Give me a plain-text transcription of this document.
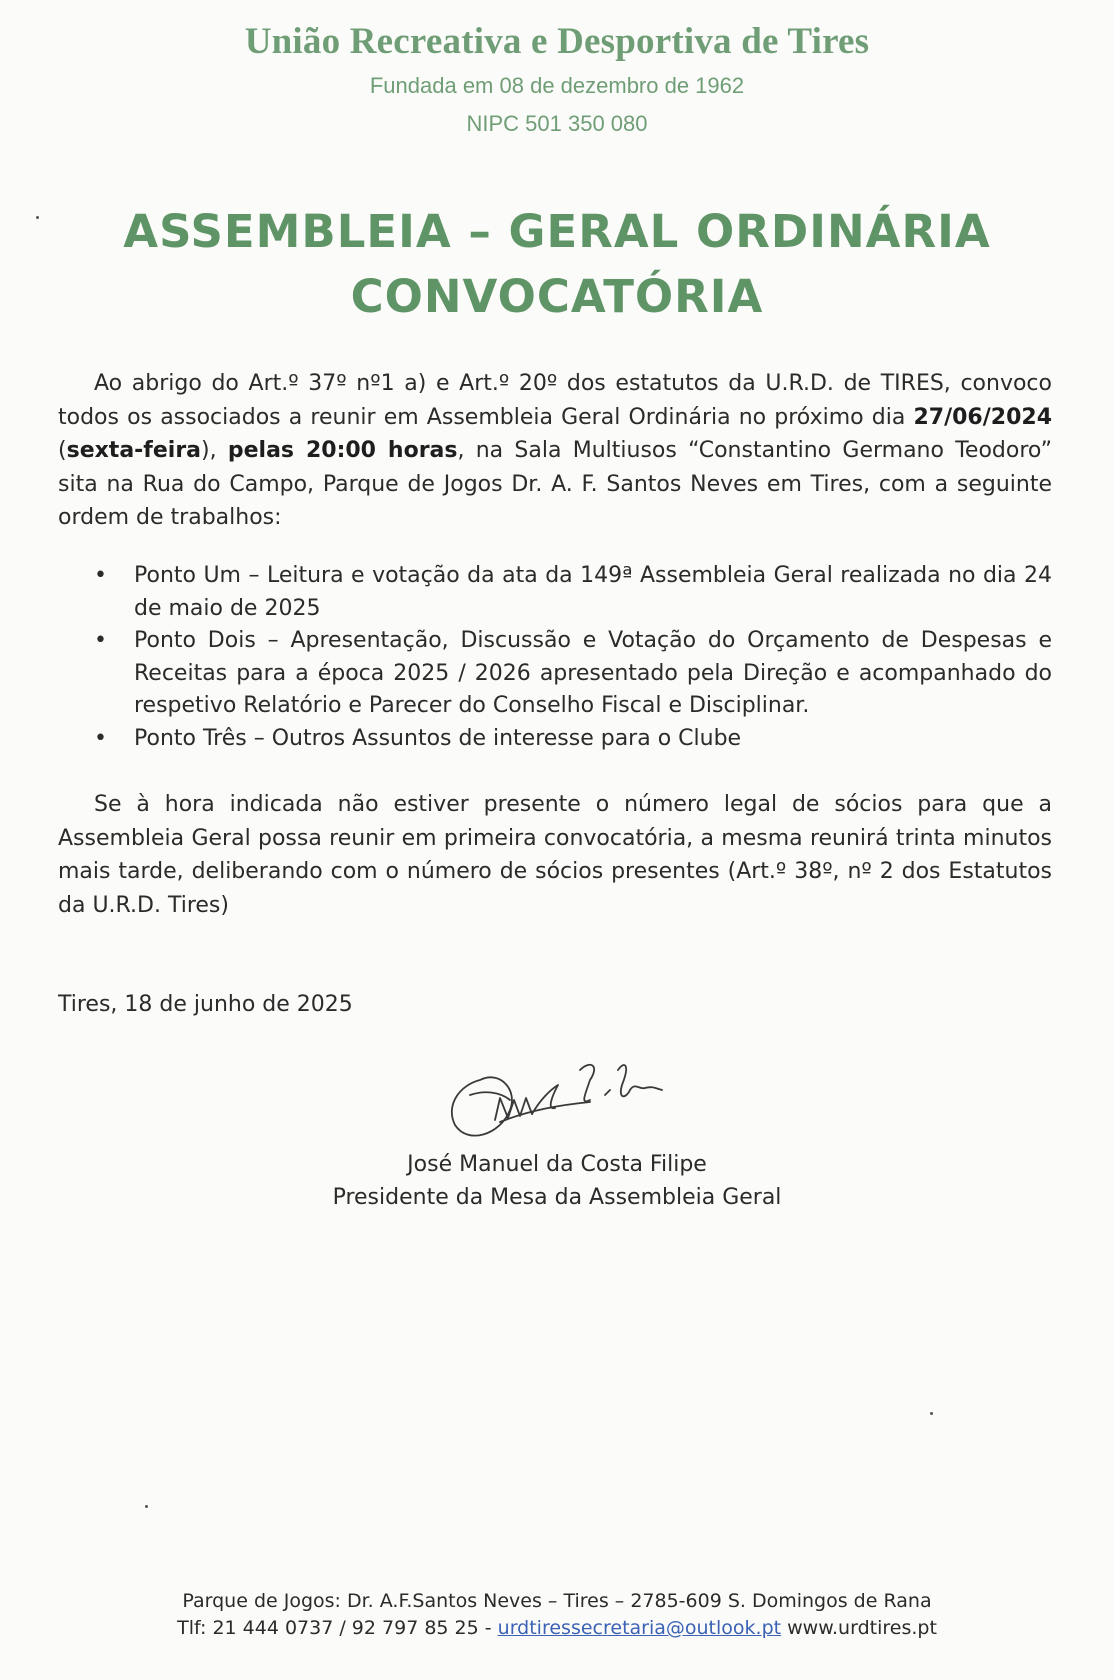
União Recreativa e Desportiva de Tires
Fundada em 08 de dezembro de 1962
NIPC 501 350 080
ASSEMBLEIA – GERAL ORDINÁRIA
CONVOCATÓRIA
Ao abrigo do Art.º 37º nº1 a) e Art.º 20º dos estatutos da U.R.D. de TIRES, convoco todos os associados a reunir em Assembleia Geral Ordinária no próximo dia 27/06/2024 (sexta-feira), pelas 20:00 horas, na Sala Multiusos “Constantino Germano Teodoro” sita na Rua do Campo, Parque de Jogos Dr. A. F. Santos Neves em Tires, com a seguinte ordem de trabalhos:
• Ponto Um – Leitura e votação da ata da 149ª Assembleia Geral realizada no dia 24 de maio de 2025
• Ponto Dois – Apresentação, Discussão e Votação do Orçamento de Despesas e Receitas para a época 2025 / 2026 apresentado pela Direção e acompanhado do respetivo Relatório e Parecer do Conselho Fiscal e Disciplinar.
• Ponto Três – Outros Assuntos de interesse para o Clube
Se à hora indicada não estiver presente o número legal de sócios para que a Assembleia Geral possa reunir em primeira convocatória, a mesma reunirá trinta minutos mais tarde, deliberando com o número de sócios presentes (Art.º 38º, nº 2 dos Estatutos da U.R.D. Tires)
Tires, 18 de junho de 2025
José Manuel da Costa Filipe
Presidente da Mesa da Assembleia Geral
Parque de Jogos: Dr. A.F.Santos Neves – Tires – 2785-609 S. Domingos de Rana
Tlf: 21 444 0737 / 92 797 85 25 - urdtiressecretaria@outlook.pt www.urdtires.pt
